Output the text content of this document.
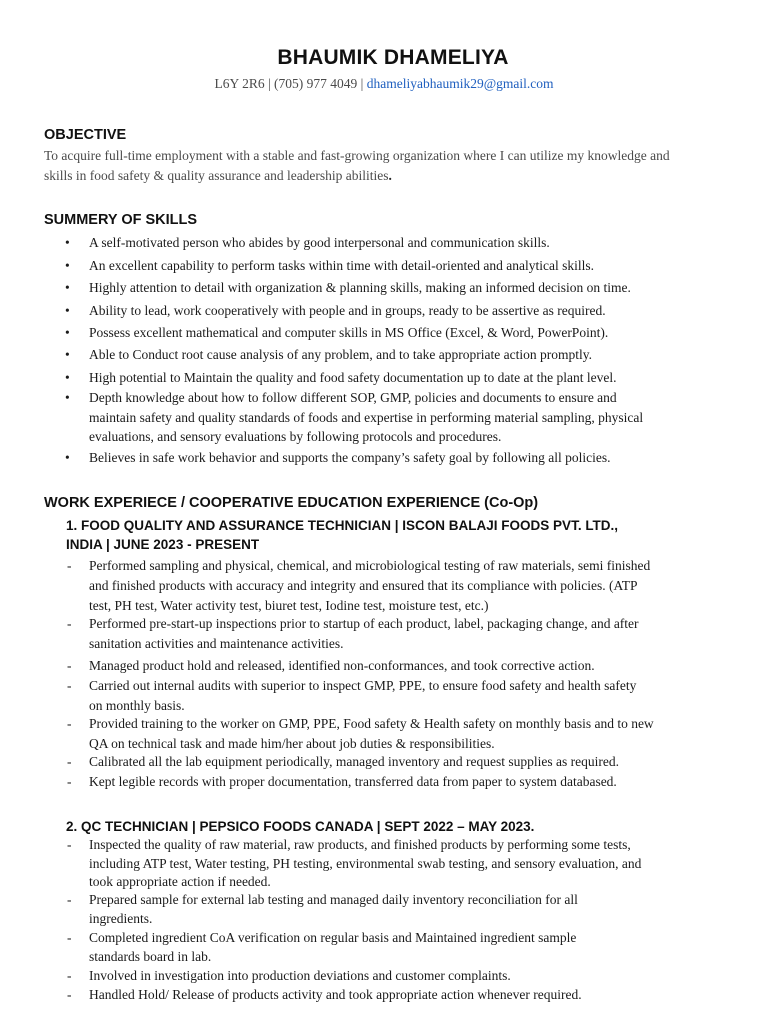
BHAUMIK DHAMELIYA
L6Y 2R6 | (705) 977 4049 | dhameliyabhaumik29@gmail.com
OBJECTIVE
To acquire full-time employment with a stable and fast-growing organization where I can utilize my knowledge and
skills in food safety & quality assurance and leadership abilities.
SUMMERY OF SKILLS
• A self-motivated person who abides by good interpersonal and communication skills.
• An excellent capability to perform tasks within time with detail-oriented and analytical skills.
• Highly attention to detail with organization & planning skills, making an informed decision on time.
• Ability to lead, work cooperatively with people and in groups, ready to be assertive as required.
• Possess excellent mathematical and computer skills in MS Office (Excel, & Word, PowerPoint).
• Able to Conduct root cause analysis of any problem, and to take appropriate action promptly.
• High potential to Maintain the quality and food safety documentation up to date at the plant level.
• Depth knowledge about how to follow different SOP, GMP, policies and documents to ensure and
maintain safety and quality standards of foods and expertise in performing material sampling, physical
evaluations, and sensory evaluations by following protocols and procedures.
• Believes in safe work behavior and supports the company’s safety goal by following all policies.
WORK EXPERIECE / COOPERATIVE EDUCATION EXPERIENCE (Co-Op)
1. FOOD QUALITY AND ASSURANCE TECHNICIAN | ISCON BALAJI FOODS PVT. LTD.,
INDIA | JUNE 2023 - PRESENT
- Performed sampling and physical, chemical, and microbiological testing of raw materials, semi finished
and finished products with accuracy and integrity and ensured that its compliance with policies. (ATP
test, PH test, Water activity test, biuret test, Iodine test, moisture test, etc.)
- Performed pre-start-up inspections prior to startup of each product, label, packaging change, and after
sanitation activities and maintenance activities.
- Managed product hold and released, identified non-conformances, and took corrective action.
- Carried out internal audits with superior to inspect GMP, PPE, to ensure food safety and health safety
on monthly basis.
- Provided training to the worker on GMP, PPE, Food safety & Health safety on monthly basis and to new
QA on technical task and made him/her about job duties & responsibilities.
- Calibrated all the lab equipment periodically, managed inventory and request supplies as required.
- Kept legible records with proper documentation, transferred data from paper to system databased.
2. QC TECHNICIAN | PEPSICO FOODS CANADA | SEPT 2022 – MAY 2023.
- Inspected the quality of raw material, raw products, and finished products by performing some tests,
including ATP test, Water testing, PH testing, environmental swab testing, and sensory evaluation, and
took appropriate action if needed.
- Prepared sample for external lab testing and managed daily inventory reconciliation for all
ingredients.
- Completed ingredient CoA verification on regular basis and Maintained ingredient sample
standards board in lab.
- Involved in investigation into production deviations and customer complaints.
- Handled Hold/ Release of products activity and took appropriate action whenever required.
